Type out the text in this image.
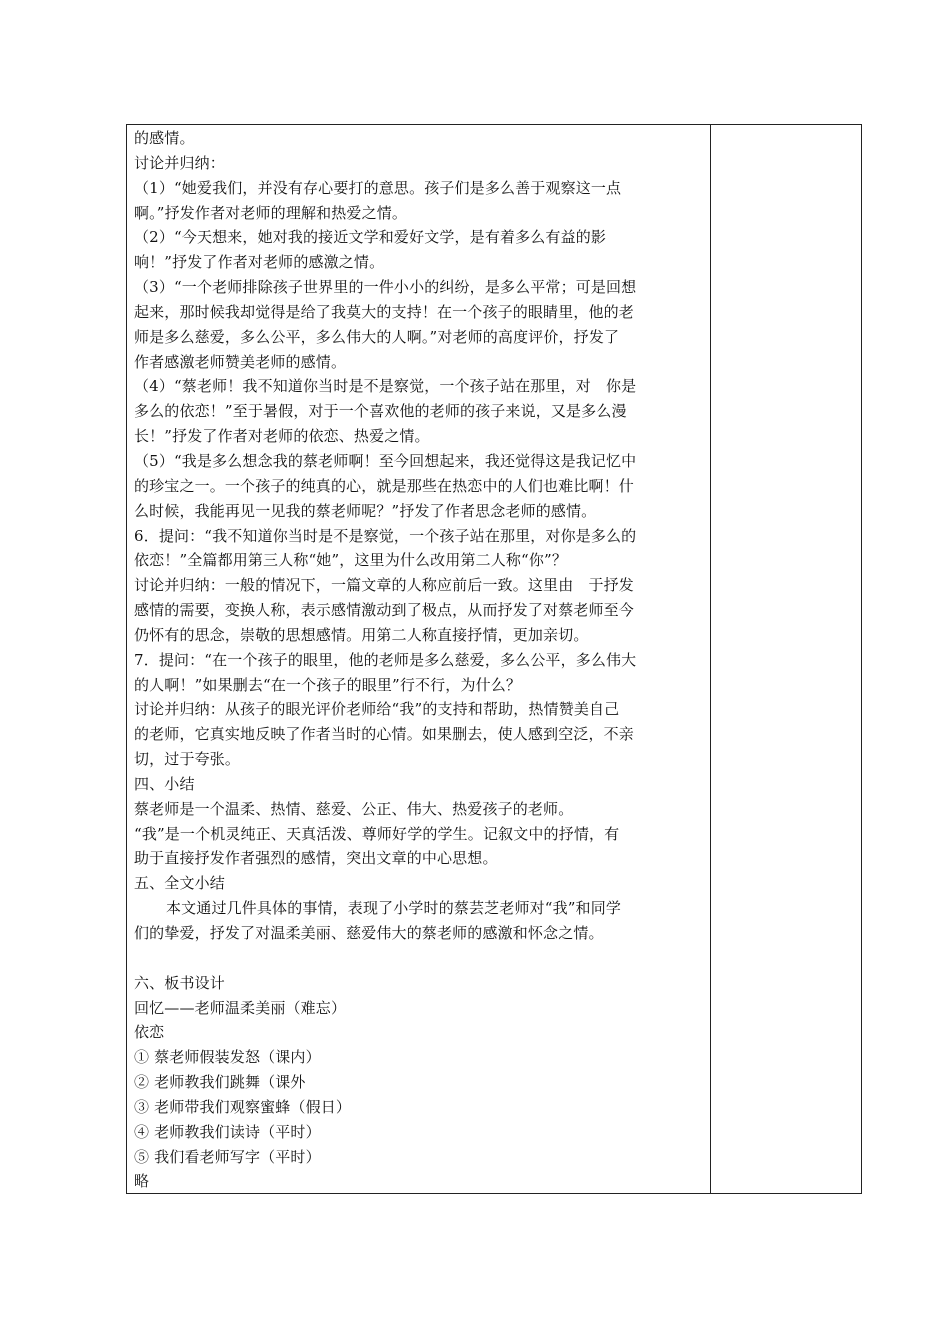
的感情。
讨论并归纳：
（1）“她爱我们，并没有存心要打的意思。孩子们是多么善于观察这一点
啊。”抒发作者对老师的理解和热爱之情。
（2）“今天想来，她对我的接近文学和爱好文学，是有着多么有益的影
响！”抒发了作者对老师的感激之情。
（3）“一个老师排除孩子世界里的一件小小的纠纷，是多么平常；可是回想
起来，那时候我却觉得是给了我莫大的支持！在一个孩子的眼睛里，他的老
师是多么慈爱，多么公平，多么伟大的人啊。”对老师的高度评价，抒发了
作者感激老师赞美老师的感情。
（4）“蔡老师！我不知道你当时是不是察觉，一个孩子站在那里，对　你是
多么的依恋！”至于暑假，对于一个喜欢他的老师的孩子来说，又是多么漫
长！”抒发了作者对老师的依恋、热爱之情。
（5）“我是多么想念我的蔡老师啊！至今回想起来，我还觉得这是我记忆中
的珍宝之一。一个孩子的纯真的心，就是那些在热恋中的人们也难比啊！什
么时候，我能再见一见我的蔡老师呢？”抒发了作者思念老师的感情。
6．提问：“我不知道你当时是不是察觉，一个孩子站在那里，对你是多么的
依恋！”全篇都用第三人称“她”，这里为什么改用第二人称“你”？
讨论并归纳：一般的情况下，一篇文章的人称应前后一致。这里由　于抒发
感情的需要，变换人称，表示感情激动到了极点，从而抒发了对蔡老师至今
仍怀有的思念，崇敬的思想感情。用第二人称直接抒情，更加亲切。
7．提问：“在一个孩子的眼里，他的老师是多么慈爱，多么公平，多么伟大
的人啊！”如果删去“在一个孩子的眼里”行不行，为什么？
讨论并归纳：从孩子的眼光评价老师给“我”的支持和帮助，热情赞美自己
的老师，它真实地反映了作者当时的心情。如果删去，使人感到空泛，不亲
切，过于夸张。
四、小结
蔡老师是一个温柔、热情、慈爱、公正、伟大、热爱孩子的老师。
“我”是一个机灵纯正、天真活泼、尊师好学的学生。记叙文中的抒情，有
助于直接抒发作者强烈的感情，突出文章的中心思想。
五、全文小结
本文通过几件具体的事情，表现了小学时的蔡芸芝老师对“我”和同学
们的挚爱，抒发了对温柔美丽、慈爱伟大的蔡老师的感激和怀念之情。
六、板书设计
回忆——老师温柔美丽（难忘）
依恋
① 蔡老师假装发怒（课内）
② 老师教我们跳舞（课外
③ 老师带我们观察蜜蜂（假日）
④ 老师教我们读诗（平时）
⑤ 我们看老师写字（平时）
略
